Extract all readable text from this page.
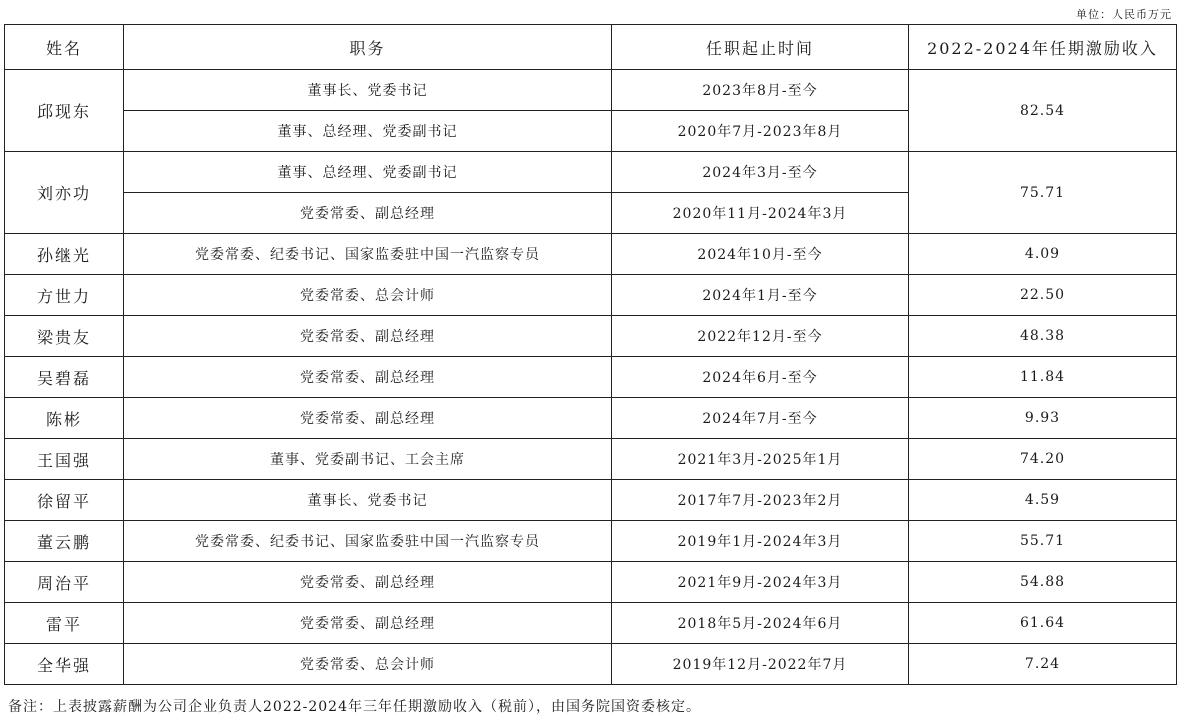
单位：人民币万元
姓名	职务	任职起止时间	2022-2024年任期激励收入
邱现东	董事长、党委书记	2023年8月-至今	82.54
	董事、总经理、党委副书记	2020年7月-2023年8月	
刘亦功	董事、总经理、党委副书记	2024年3月-至今	75.71
	党委常委、副总经理	2020年11月-2024年3月	
孙继光	党委常委、纪委书记、国家监委驻中国一汽监察专员	2024年10月-至今	4.09
方世力	党委常委、总会计师	2024年1月-至今	22.50
梁贵友	党委常委、副总经理	2022年12月-至今	48.38
吴碧磊	党委常委、副总经理	2024年6月-至今	11.84
陈彬	党委常委、副总经理	2024年7月-至今	9.93
王国强	董事、党委副书记、工会主席	2021年3月-2025年1月	74.20
徐留平	董事长、党委书记	2017年7月-2023年2月	4.59
董云鹏	党委常委、纪委书记、国家监委驻中国一汽监察专员	2019年1月-2024年3月	55.71
周治平	党委常委、副总经理	2021年9月-2024年3月	54.88
雷平	党委常委、副总经理	2018年5月-2024年6月	61.64
全华强	党委常委、总会计师	2019年12月-2022年7月	7.24
备注：上表披露薪酬为公司企业负责人2022-2024年三年任期激励收入（税前），由国务院国资委核定。
